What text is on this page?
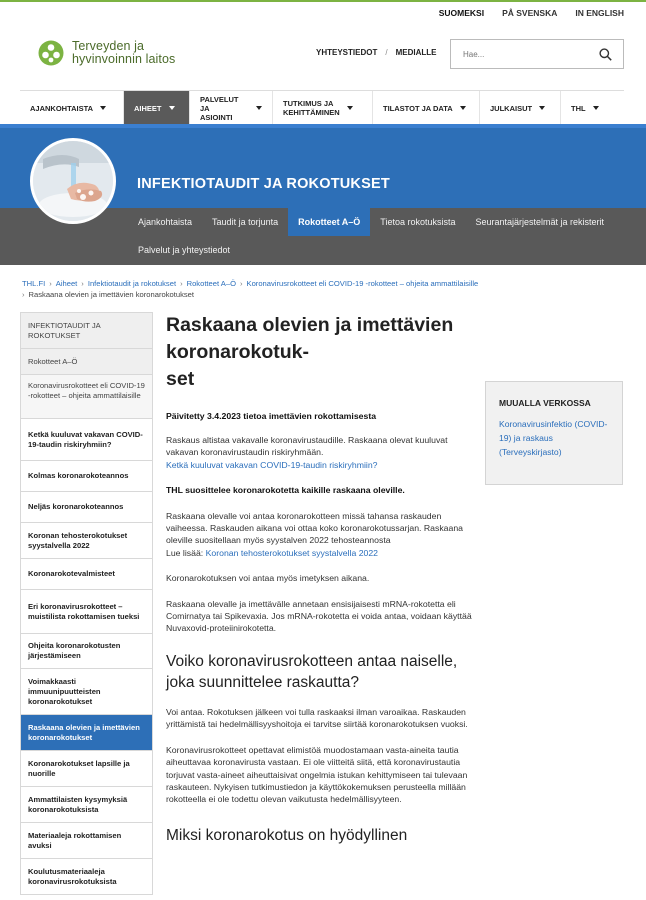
SUOMEKSI PÅ SVENSKA IN ENGLISH
Terveyden ja
hyvinvoinnin laitos	YHTEYSTIEDOT / MEDIALLE
Hae...
AJANKOHTAISTA	AIHEET
PALVELUT JA
ASIOINTI
TUTKIMUS JA
KEHITTÄMINEN	TILASTOT JA DATA	JULKAISUT	THL
INFEKTIOTAUDIT JA ROKOTUKSET
Ajankohtaista	Taudit ja torjunta	Rokotteet A–Ö	Tietoa rokotuksista	Seurantajärjestelmät ja rekisterit
Palvelut ja yhteystiedot
THL.FI › Aiheet › Infektiotaudit ja rokotukset › Rokotteet A–Ö › Koronavirusrokotteet eli COVID-19 -rokotteet – ohjeita ammattilaisille
› Raskaana olevien ja imettävien koronarokotukset
INFEKTIOTAUDIT JA ROKOTUKSET
Rokotteet A–Ö
Koronavirusrokotteet eli COVID-19 -rokotteet – ohjeita ammattilaisille
Ketkä kuuluvat vakavan COVID-19-taudin riskiryhmiin?
Kolmas koronarokoteannos
Neljäs koronarokoteannos
Koronan tehosterokotukset syystalvella 2022
Koronarokotevalmisteet
Eri koronavirusrokotteet – muistilista rokottamisen tueksi
Ohjeita koronarokotusten järjestämiseen
Voimakkaasti immuunipuutteisten koronarokotukset
Raskaana olevien ja imettävien koronarokotukset
Koronarokotukset lapsille ja nuorille
Ammattilaisten kysymyksiä koronarokotuksista
Materiaaleja rokottamisen avuksi
Koulutusmateriaaleja koronavirusrokotuksista
Raskaana olevien ja imettävien koronarokotuk-
set
Päivitetty 3.4.2023 tietoa imettävien rokottamisesta

Raskaus altistaa vakavalle koronavirustaudille. Raskaana olevat kuuluvat vakavan koronavirustaudin riskiryhmään.
Ketkä kuuluvat vakavan COVID-19-taudin riskiryhmiin?

THL suosittelee koronarokotetta kaikille raskaana oleville.

Raskaana olevalle voi antaa koronarokotteen missä tahansa raskauden vaiheessa. Raskauden aikana voi ottaa koko koronarokotussarjan. Raskaana oleville suositellaan myös syystalven 2022 tehosteannosta
Lue lisää: Koronan tehosterokotukset syystalvella 2022

Koronarokotuksen voi antaa myös imetyksen aikana.

Raskaana olevalle ja imettävälle annetaan ensisijaisesti mRNA-rokotetta eli Comirnatya tai Spikevaxia. Jos mRNA-rokotetta ei voida antaa, voidaan käyttää Nuvaxovid-proteiinirokotetta.

Voiko koronavirusrokotteen antaa naiselle, joka suunnittelee raskautta?

Voi antaa. Rokotuksen jälkeen voi tulla raskaaksi ilman varoaikaa. Raskauden yrittämistä tai hedelmällisyyshoitoja ei tarvitse siirtää koronarokotuksen vuoksi.

Koronavirusrokotteet opettavat elimistöä muodostamaan vasta-aineita tautia aiheuttavaa koronavirusta vastaan. Ei ole viitteitä siitä, että koronavirustautia torjuvat vasta-aineet aiheuttaisivat ongelmia istukan kehittymiseen tai tulevaan raskauteen. Nykyisen tutkimustiedon ja käyttökokemuksen perusteella millään rokotteella ei ole todettu olevan vaikutusta hedelmällisyyteen.

Miksi koronarokotus on hyödyllinen
MUUALLA VERKOSSA
Koronavirusinfektio (COVID-19) ja raskaus (Terveyskirjasto)
